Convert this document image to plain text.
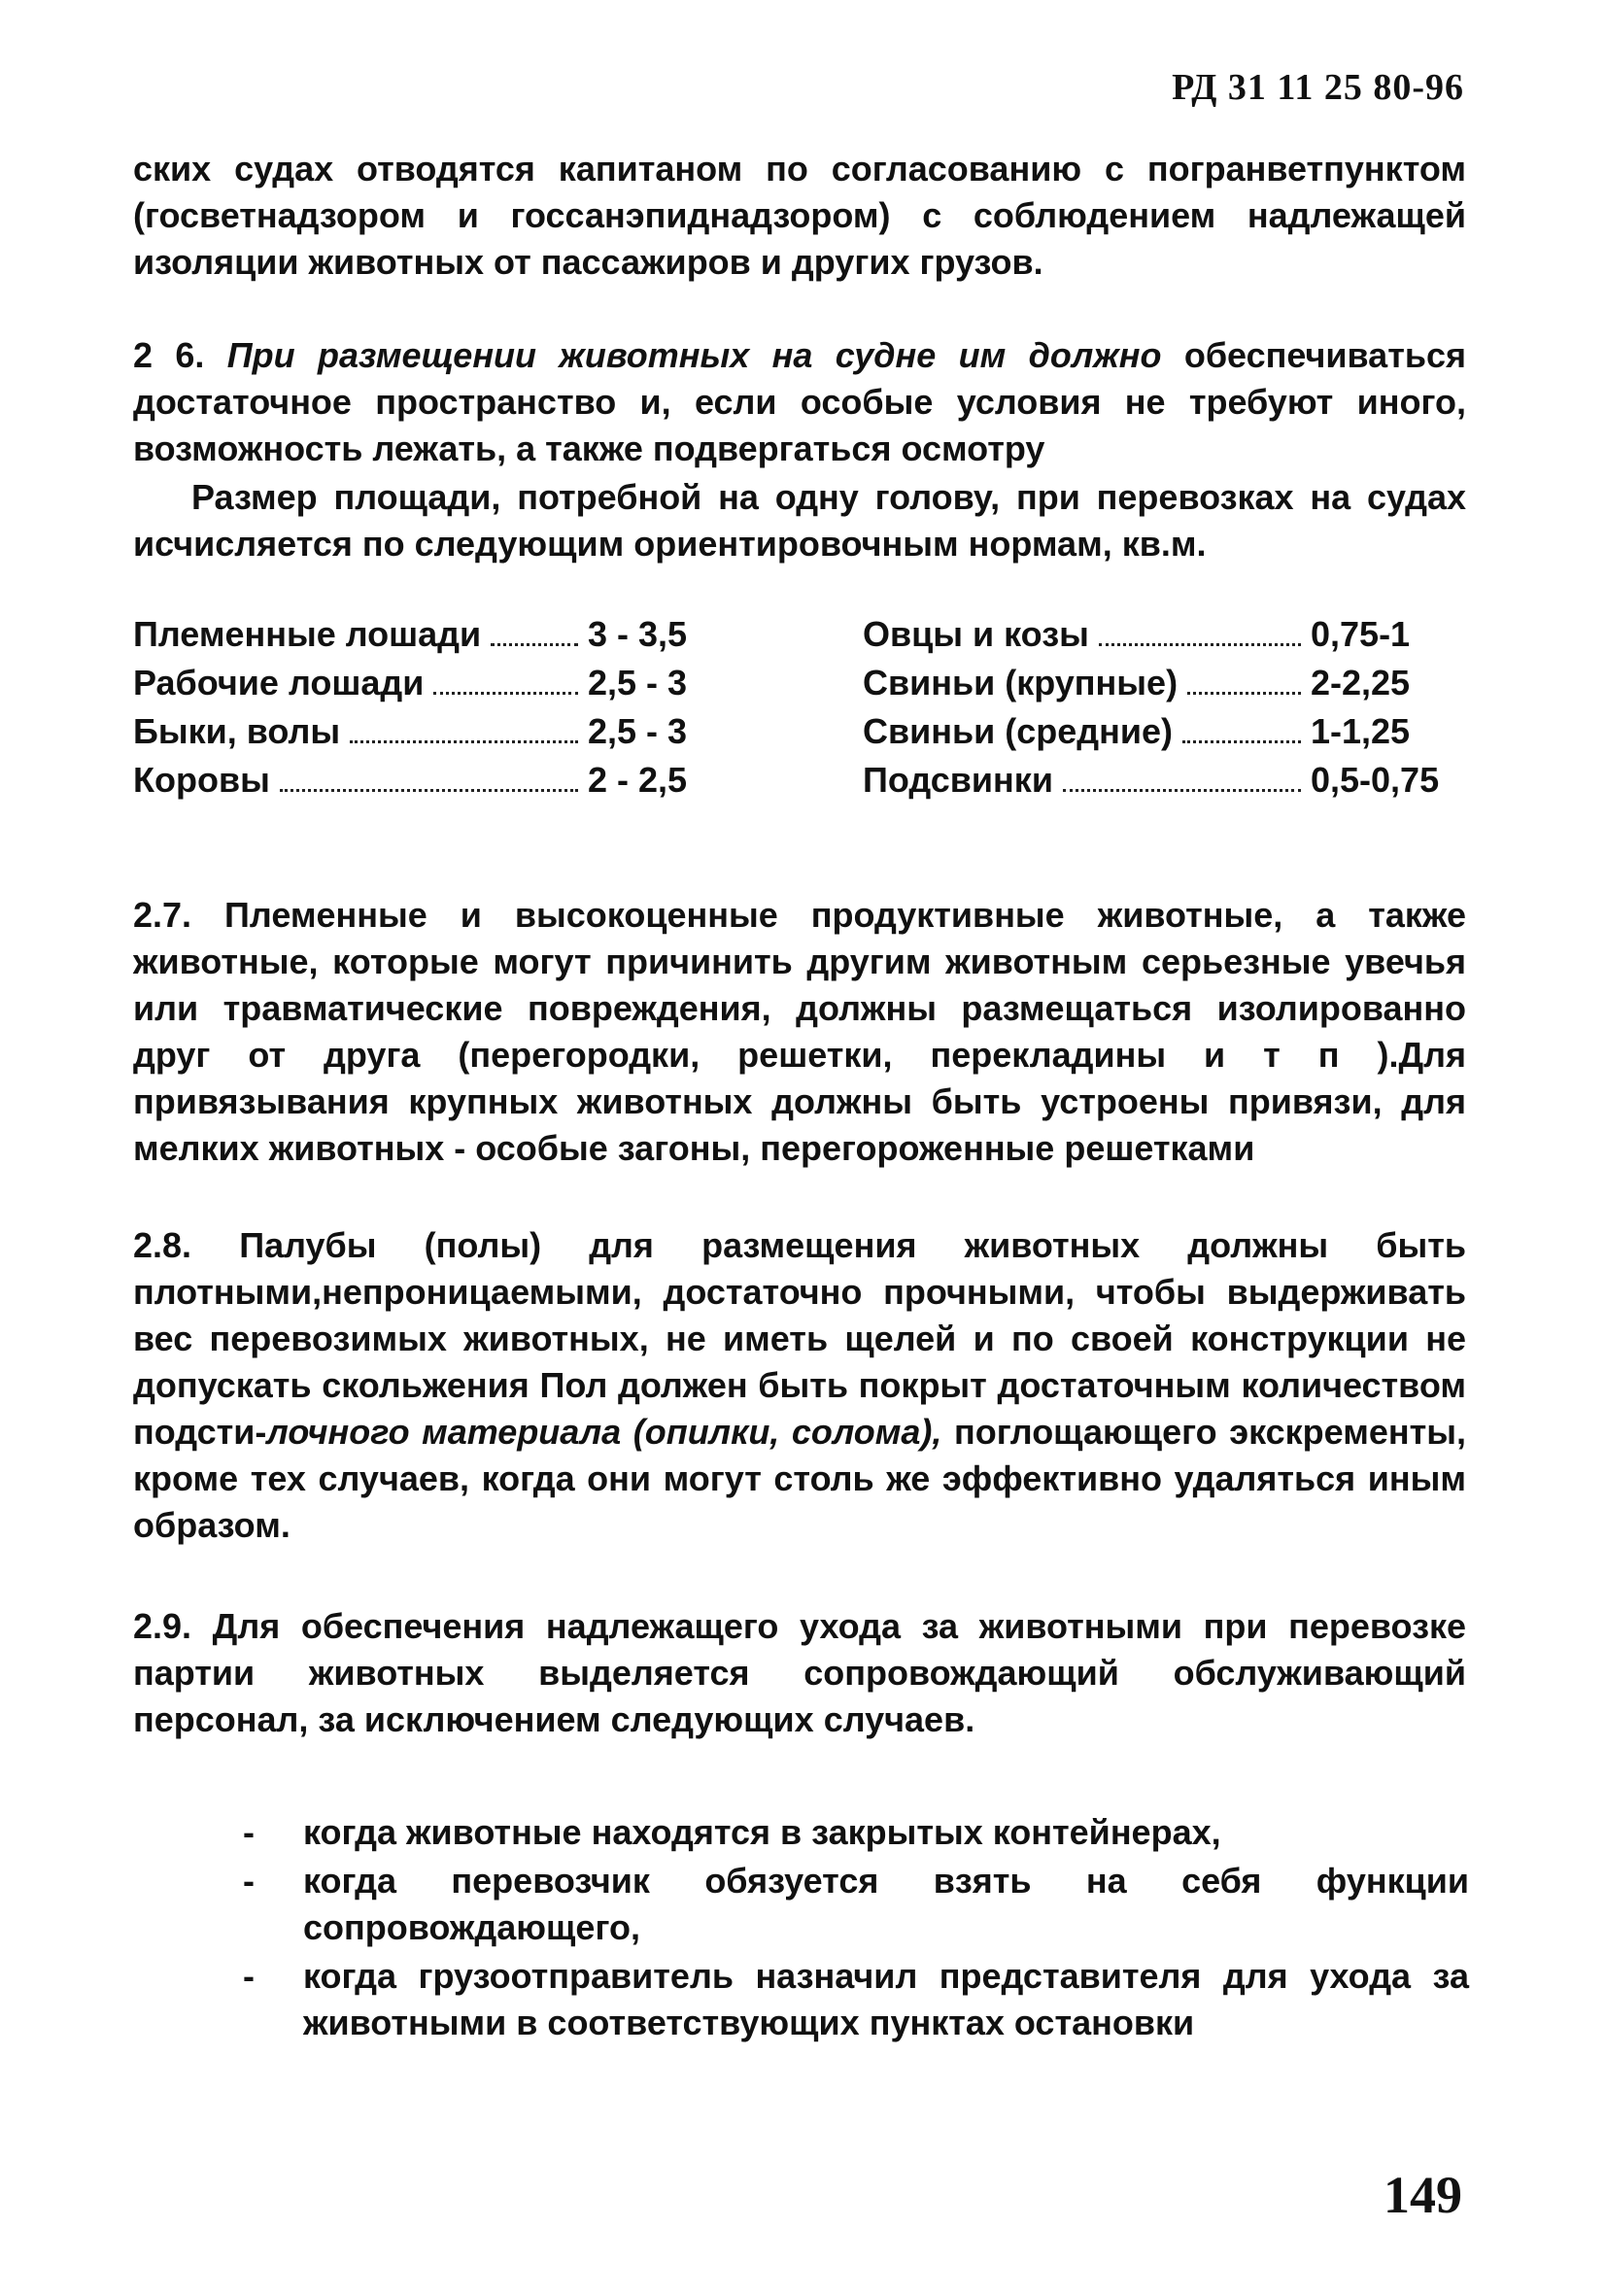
РД 31 11 25 80-96

ских судах отводятся капитаном по согласованию с погранветпунктом (госветнадзором и госсанэпиднадзором) с соблюдением надлежащей изоляции животных от пассажиров и других грузов.

2 6. При размещении животных на судне им должно обеспечиваться достаточное пространство и, если особые условия не требуют иного, возможность лежать, а также подвергаться осмотру

Размер площади, потребной на одну голову, при перевозках на судах исчисляется по следующим ориентировочным нормам, кв.м.

Племенные лошади	3 - 3,5
Рабочие лошади	2,5 - 3
Быки, волы	2,5 - 3
Коровы	2 - 2,5
Овцы и козы	0,75-1
Свиньи (крупные)	2-2,25
Свиньи (средние)	1-1,25
Подсвинки	0,5-0,75

2.7. Племенные и высокоценные продуктивные животные, а также животные, которые могут причинить другим животным серьезные увечья или травматические повреждения, должны размещаться изолированно друг от друга (перегородки, решетки, перекладины и т п ).Для привязывания крупных животных должны быть устроены привязи, для мелких животных - особые загоны, перегороженные решетками

2.8. Палубы (полы) для размещения животных должны быть плотными,непроницаемыми, достаточно прочными, чтобы выдерживать вес перевозимых животных, не иметь щелей и по своей конструкции не допускать скольжения Пол должен быть покрыт достаточным количеством подсти-лочного материала (опилки, солома), поглощающего экскременты, кроме тех случаев, когда они могут столь же эффективно удаляться иным образом.

2.9. Для обеспечения надлежащего ухода за животными при перевозке партии животных выделяется сопровождающий обслуживающий персонал, за исключением следующих случаев.

- когда животные находятся в закрытых контейнерах,
- когда перевозчик обязуется взять на себя функции сопровождающего,
- когда грузоотправитель назначил представителя для ухода за животными в соответствующих пунктах остановки
149
